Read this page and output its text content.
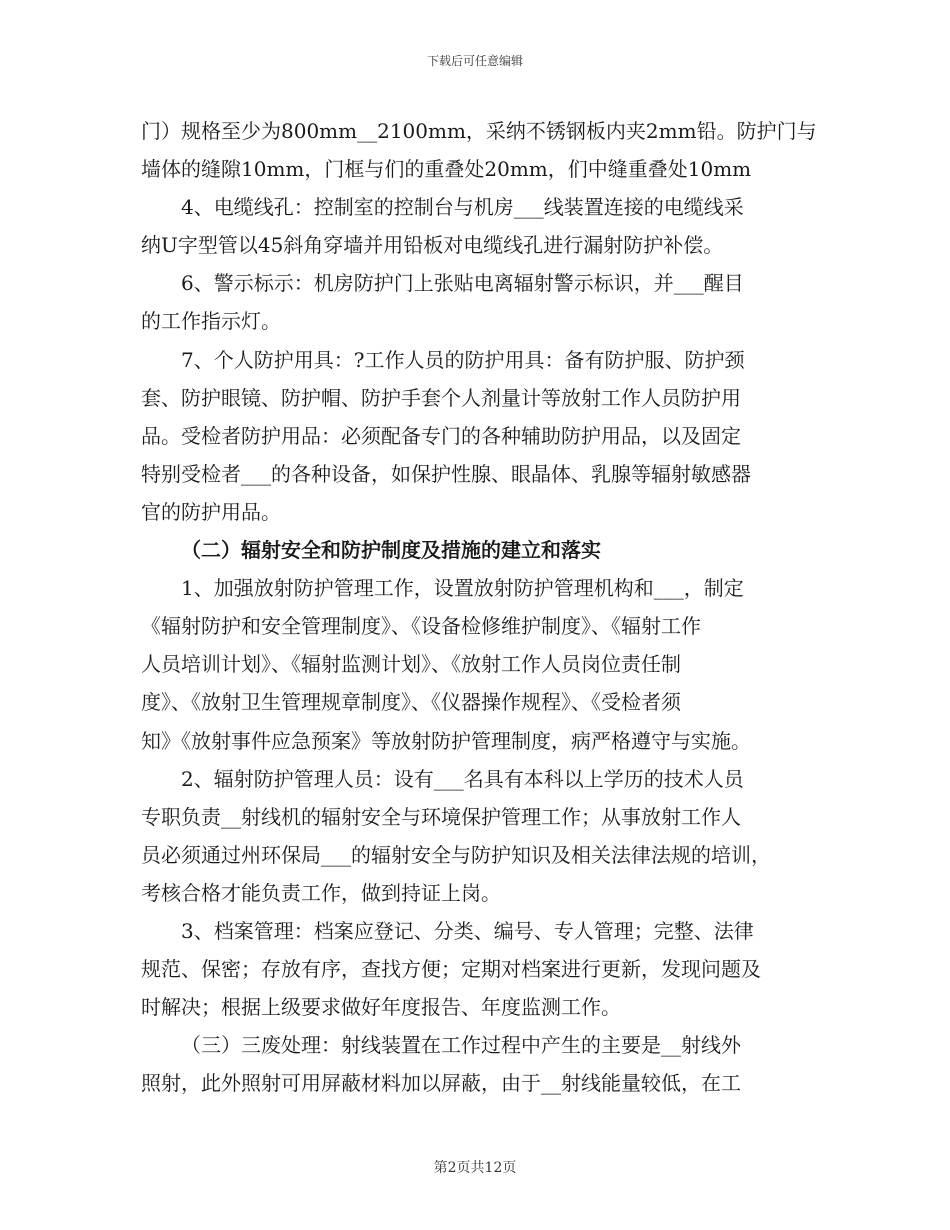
下载后可任意编辑
门）规格至少为800mm__2100mm，采纳不锈钢板内夹2mm铅。防护门与
墙体的缝隙10mm，门框与们的重叠处20mm，们中缝重叠处10mm
4、电缆线孔：控制室的控制台与机房___线装置连接的电缆线采
纳U字型管以45斜角穿墙并用铅板对电缆线孔进行漏射防护补偿。
6、警示标示：机房防护门上张贴电离辐射警示标识，并___醒目
的工作指示灯。
7、个人防护用具：?工作人员的防护用具：备有防护服、防护颈
套、防护眼镜、防护帽、防护手套个人剂量计等放射工作人员防护用
品。受检者防护用品：必须配备专门的各种辅助防护用品，以及固定
特别受检者___的各种设备，如保护性腺、眼晶体、乳腺等辐射敏感器
官的防护用品。
（二）辐射安全和防护制度及措施的建立和落实
1、加强放射防护管理工作，设置放射防护管理机构和___，制定
《辐射防护和安全管理制度》、《设备检修维护制度》、《辐射工作
人员培训计划》、《辐射监测计划》、《放射工作人员岗位责任制
度》、《放射卫生管理规章制度》、《仪器操作规程》、《受检者须
知》《放射事件应急预案》等放射防护管理制度，病严格遵守与实施。
2、辐射防护管理人员：设有___名具有本科以上学历的技术人员
专职负责__射线机的辐射安全与环境保护管理工作；从事放射工作人
员必须通过州环保局___的辐射安全与防护知识及相关法律法规的培训，
考核合格才能负责工作，做到持证上岗。
3、档案管理：档案应登记、分类、编号、专人管理；完整、法律
规范、保密；存放有序，查找方便；定期对档案进行更新，发现问题及
时解决；根据上级要求做好年度报告、年度监测工作。
（三）三废处理：射线装置在工作过程中产生的主要是__射线外
照射，此外照射可用屏蔽材料加以屏蔽，由于__射线能量较低，在工
第2页共12页
